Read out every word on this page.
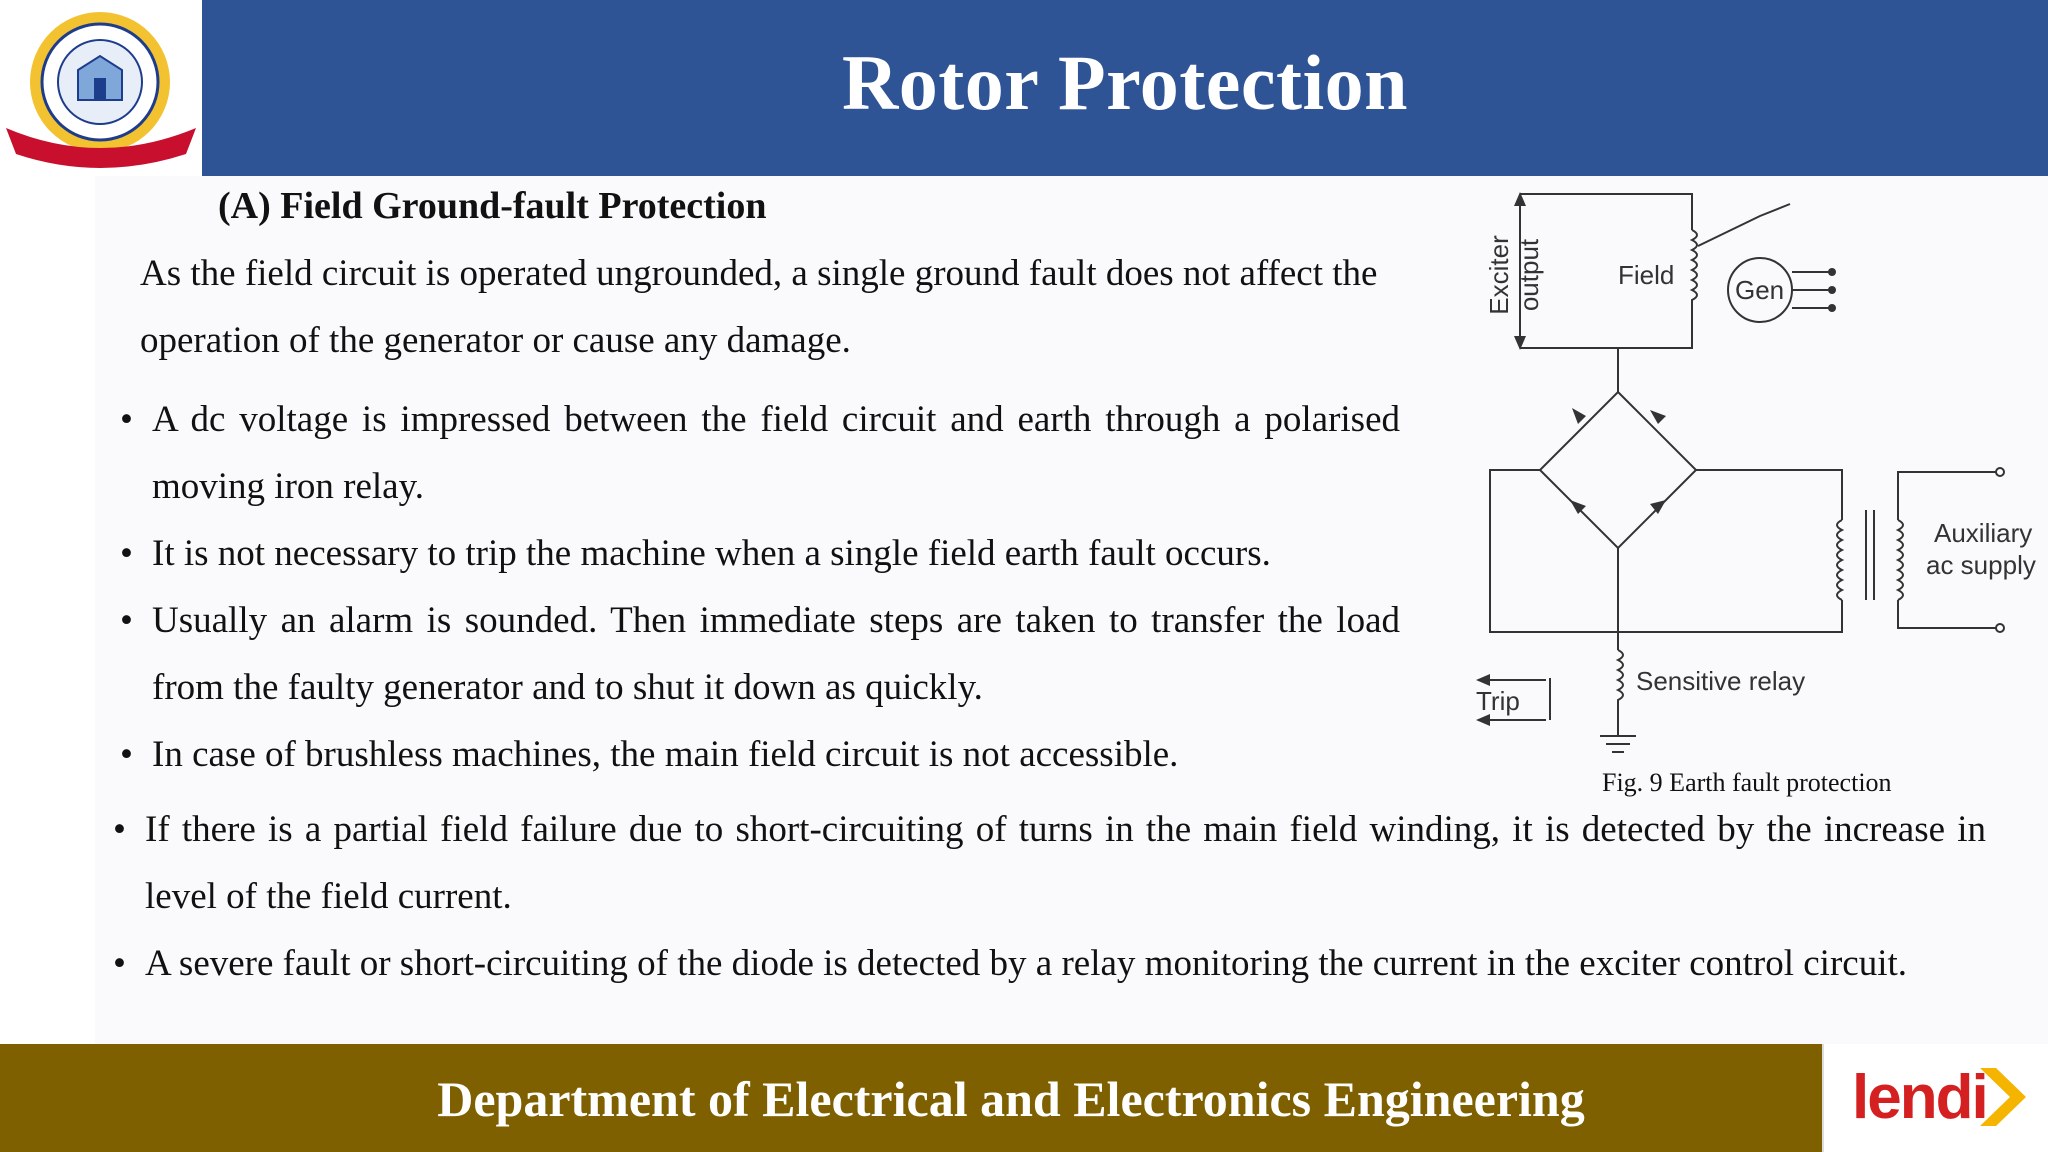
Rotor Protection
(A) Field Ground-fault Protection
As the field circuit is operated ungrounded, a single ground fault does not affect the operation of the generator or cause any damage.
• A dc voltage is impressed between the field circuit and earth through a polarised moving iron relay.
• It is not necessary to trip the machine when a single field earth fault occurs.
• Usually an alarm is sounded. Then immediate steps are taken to transfer the load from the faulty generator and to shut it down as quickly.
• In case of brushless machines, the main field circuit is not accessible.
• If there is a partial field failure due to short-circuiting of turns in the main field winding, it is detected by the increase in level of the field current.
• A severe fault or short-circuiting of the diode is detected by a relay monitoring the current in the exciter control circuit.
Exciter output	Field Gen
Auxiliary
ac supply
Trip
Sensitive relay
Fig. 9 Earth fault protection
Department of Electrical and Electronics Engineering	lendi
